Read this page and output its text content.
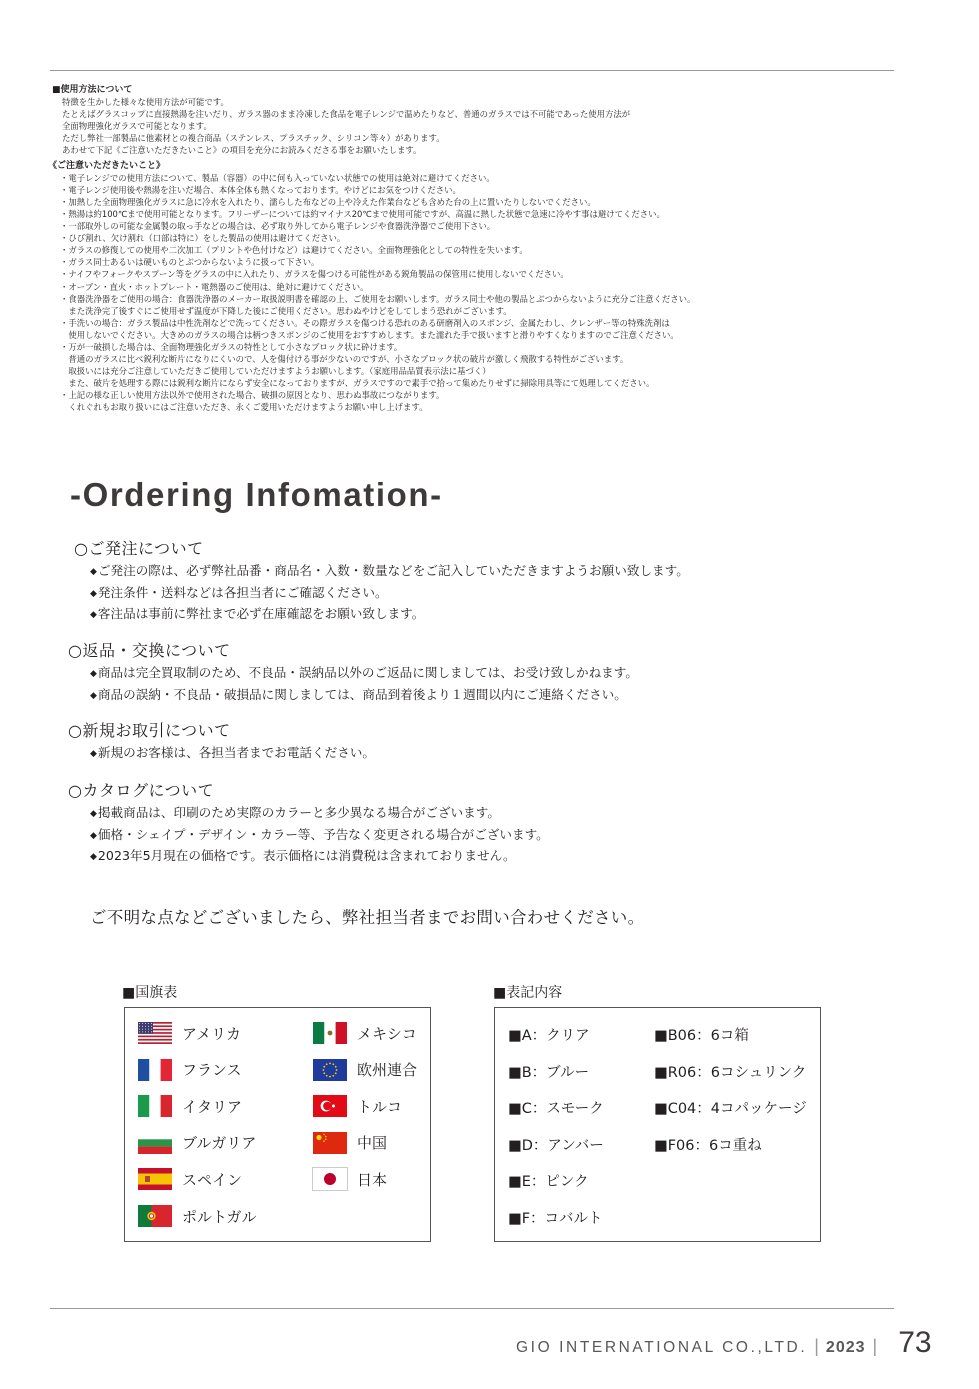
■使用方法について
特徴を生かした様々な使用方法が可能です。
たとえばグラスコップに直接熱湯を注いだり、ガラス器のまま冷凍した食品を電子レンジで温めたりなど、普通のガラスでは不可能であった使用方法が
全面物理強化ガラスで可能となります。
ただし弊社一部製品に他素材との複合商品（ステンレス、プラスチック、シリコン等々）があります。
あわせて下記《ご注意いただきたいこと》の項目を充分にお読みくださる事をお願いたします。
《ご注意いただきたいこと》
・電子レンジでの使用方法について、製品（容器）の中に何も入っていない状態での使用は絶対に避けてください。
・電子レンジ使用後や熱湯を注いだ場合、本体全体も熱くなっております。やけどにお気をつけください。
・加熱した全面物理強化ガラスに急に冷水を入れたり、濡らした布などの上や冷えた作業台なども含めた台の上に置いたりしないでください。
・熱湯は約100℃まで使用可能となります。フリーザーについては約マイナス20℃まで使用可能ですが、高温に熱した状態で急速に冷やす事は避けてください。
・一部取外しの可能な金属製の取っ手などの場合は、必ず取り外してから電子レンジや食器洗浄器でご使用下さい。
・ひび割れ、欠け割れ（口部は特に）をした製品の使用は避けてください。
・ガラスの修復しての使用や二次加工（プリントや色付けなど）は避けてください。全面物理強化としての特性を失います。
・ガラス同士あるいは硬いものとぶつからないように扱って下さい。
・ナイフやフォークやスプーン等をグラスの中に入れたり、ガラスを傷つける可能性がある鋭角製品の保管用に使用しないでください。
・オーブン・直火・ホットプレート・電熱器のご使用は、絶対に避けてください。
・食器洗浄器をご使用の場合：食器洗浄器のメーカー取扱説明書を確認の上、ご使用をお願いします。ガラス同士や他の製品とぶつからないように充分ご注意ください。
　また洗浄完了後すぐにご使用せず温度が下降した後にご使用ください。思わぬやけどをしてしまう恐れがございます。
・手洗いの場合：ガラス製品は中性洗剤などで洗ってください。その際ガラスを傷つける恐れのある研磨剤入のスポンジ、金属たわし、クレンザー等の特殊洗剤は
　使用しないでください。大きめのガラスの場合は柄つきスポンジのご使用をおすすめします。また濡れた手で扱いますと滑りやすくなりますのでご注意ください。
・万が一破損した場合は、全面物理強化ガラスの特性として小さなブロック状に砕けます。
　普通のガラスに比べ鋭利な断片になりにくいので、人を傷付ける事が少ないのですが、小さなブロック状の破片が激しく飛散する特性がございます。
　取扱いには充分ご注意していただきご使用していただけますようお願いします。（家庭用品品質表示法に基づく）
　また、破片を処理する際には鋭利な断片にならず安全になっておりますが、ガラスですので素手で拾って集めたりせずに掃除用具等にて処理してください。
・上記の様な正しい使用方法以外で使用された場合、破損の原因となり、思わぬ事故につながります。
　くれぐれもお取り扱いにはご注意いただき、永くご愛用いただけますようお願い申し上げます。
-Ordering Infomation-
○ご発注について
◆ご発注の際は、必ず弊社品番・商品名・入数・数量などをご記入していただきますようお願い致します。
◆発注条件・送料などは各担当者にご確認ください。
◆客注品は事前に弊社まで必ず在庫確認をお願い致します。
○返品・交換について
◆商品は完全買取制のため、不良品・誤納品以外のご返品に関しましては、お受け致しかねます。
◆商品の誤納・不良品・破損品に関しましては、商品到着後より１週間以内にご連絡ください。
○新規お取引について
◆新規のお客様は、各担当者までお電話ください。
○カタログについて
◆掲載商品は、印刷のため実際のカラーと多少異なる場合がございます。
◆価格・シェイプ・デザイン・カラー等、予告なく変更される場合がございます。
◆2023年5月現在の価格です。表示価格には消費税は含まれておりません。
ご不明な点などございましたら、弊社担当者までお問い合わせください。
■国旗表
アメリカ
フランス
イタリア
ブルガリア
スペイン
ポルトガル
メキシコ
欧州連合
トルコ
中国
日本
■表記内容
■A：クリア
■B：ブルー
■C：スモーク
■D：アンバー
■E：ピンク
■F：コバルト
■B06：6コ箱
■R06：6コシュリンク
■C04：4コパッケージ
■F06：6コ重ね
GIO INTERNATIONAL CO.,LTD. | 2023 | 73
